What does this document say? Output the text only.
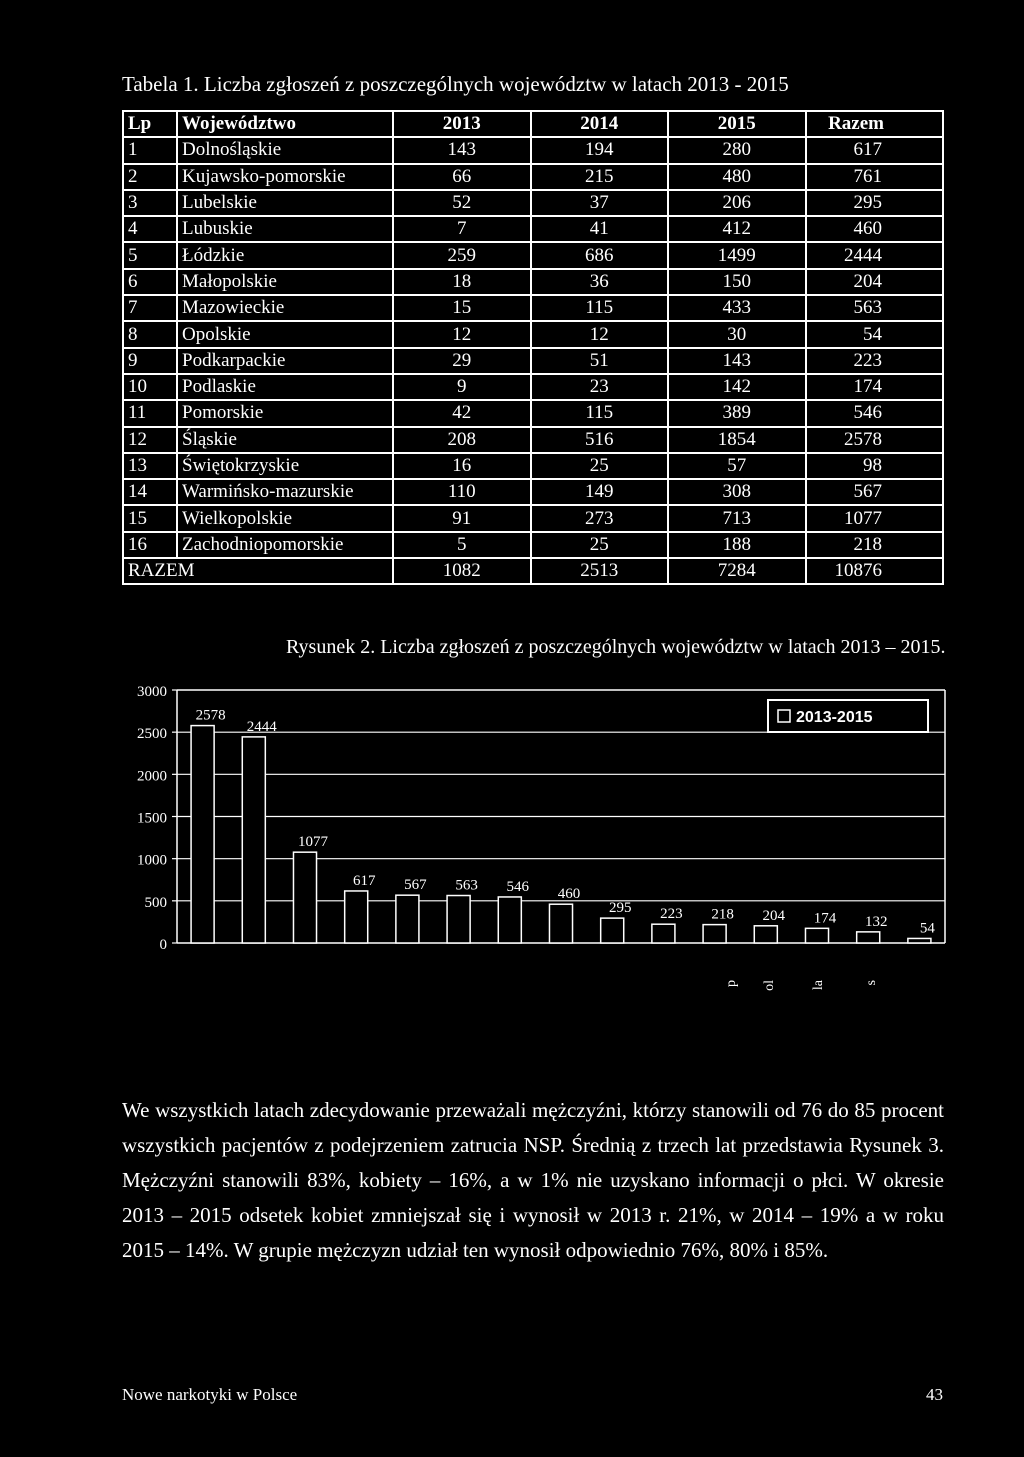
Tabela 1. Liczba zgłoszeń z poszczególnych województw w latach 2013 - 2015
Lp	Województwo	2013	2014	2015	Razem
1	Dolnośląskie	143	194	280	617
2	Kujawsko-pomorskie	66	215	480	761
3	Lubelskie	52	37	206	295
4	Lubuskie	7	41	412	460
5	Łódzkie	259	686	1499	2444
6	Małopolskie	18	36	150	204
7	Mazowieckie	15	115	433	563
8	Opolskie	12	12	30	54
9	Podkarpackie	29	51	143	223
10	Podlaskie	9	23	142	174
11	Pomorskie	42	115	389	546
12	Śląskie	208	516	1854	2578
13	Świętokrzyskie	16	25	57	98
14	Warmińsko-mazurskie	110	149	308	567
15	Wielkopolskie	91	273	713	1077
16	Zachodniopomorskie	5	25	188	218
RAZEM		1082	2513	7284	10876
Rysunek 2. Liczba zgłoszeń z poszczególnych województw w latach 2013 – 2015.
0
500
1000
1500
2000
2500
3000
2578
2444
1077
617 567 563 546 460
295 223 218 204 174 132 54
2013-2015
p ol la	s
We wszystkich latach zdecydowanie przeważali mężczyźni, którzy stanowili od 76 do 85 procent wszystkich pacjentów z podejrzeniem zatrucia NSP. Średnią z trzech lat przedstawia Rysunek 3. Mężczyźni stanowili 83%, kobiety – 16%, a w 1% nie uzyskano informacji o płci. W okresie 2013 – 2015 odsetek kobiet zmniejszał się i wynosił w 2013 r. 21%, w 2014 – 19% a w roku 2015 – 14%. W grupie mężczyzn udział ten wynosił odpowiednio 76%, 80% i 85%.
Nowe narkotyki w Polsce	43
